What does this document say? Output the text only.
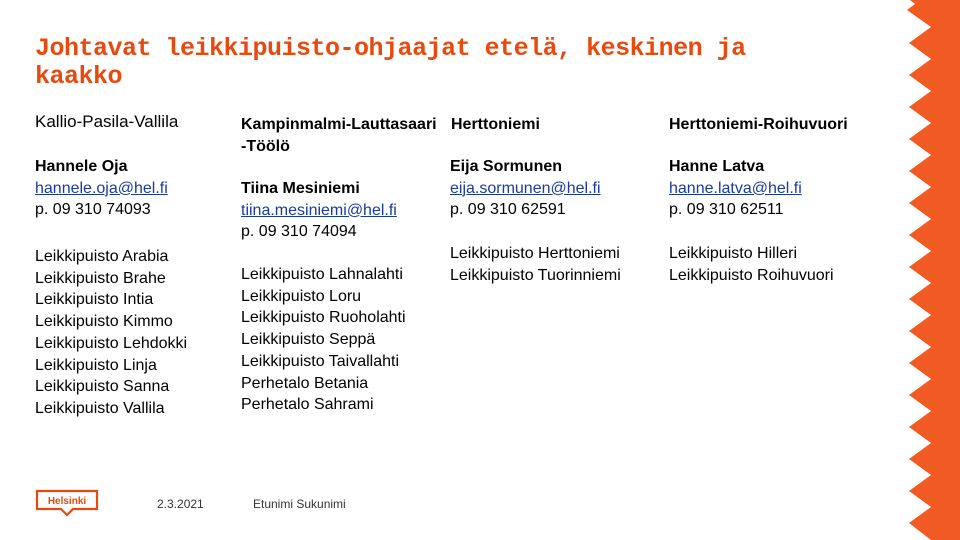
Johtavat leikkipuisto-ohjaajat etelä, keskinen ja kaakko
Kallio-Pasila-Vallila
Hannele Oja
hannele.oja@hel.fi
p. 09 310 74093
Leikkipuisto Arabia
Leikkipuisto Brahe
Leikkipuisto Intia
Leikkipuisto Kimmo
Leikkipuisto Lehdokki
Leikkipuisto Linja
Leikkipuisto Sanna
Leikkipuisto Vallila
Kampinmalmi-Lauttasaari
-Töölö
Tiina Mesiniemi
tiina.mesiniemi@hel.fi
p. 09 310 74094
Leikkipuisto Lahnalahti
Leikkipuisto Loru
Leikkipuisto Ruoholahti
Leikkipuisto Seppä
Leikkipuisto Taivallahti
Perhetalo Betania
Perhetalo Sahrami
Herttoniemi
Eija Sormunen
eija.sormunen@hel.fi
p. 09 310 62591
Leikkipuisto Herttoniemi
Leikkipuisto Tuorinniemi
Herttoniemi-Roihuvuori
Hanne Latva
hanne.latva@hel.fi
p. 09 310 62511
Leikkipuisto Hilleri
Leikkipuisto Roihuvuori
Helsinki	2.3.2021	Etunimi Sukunimi	3
